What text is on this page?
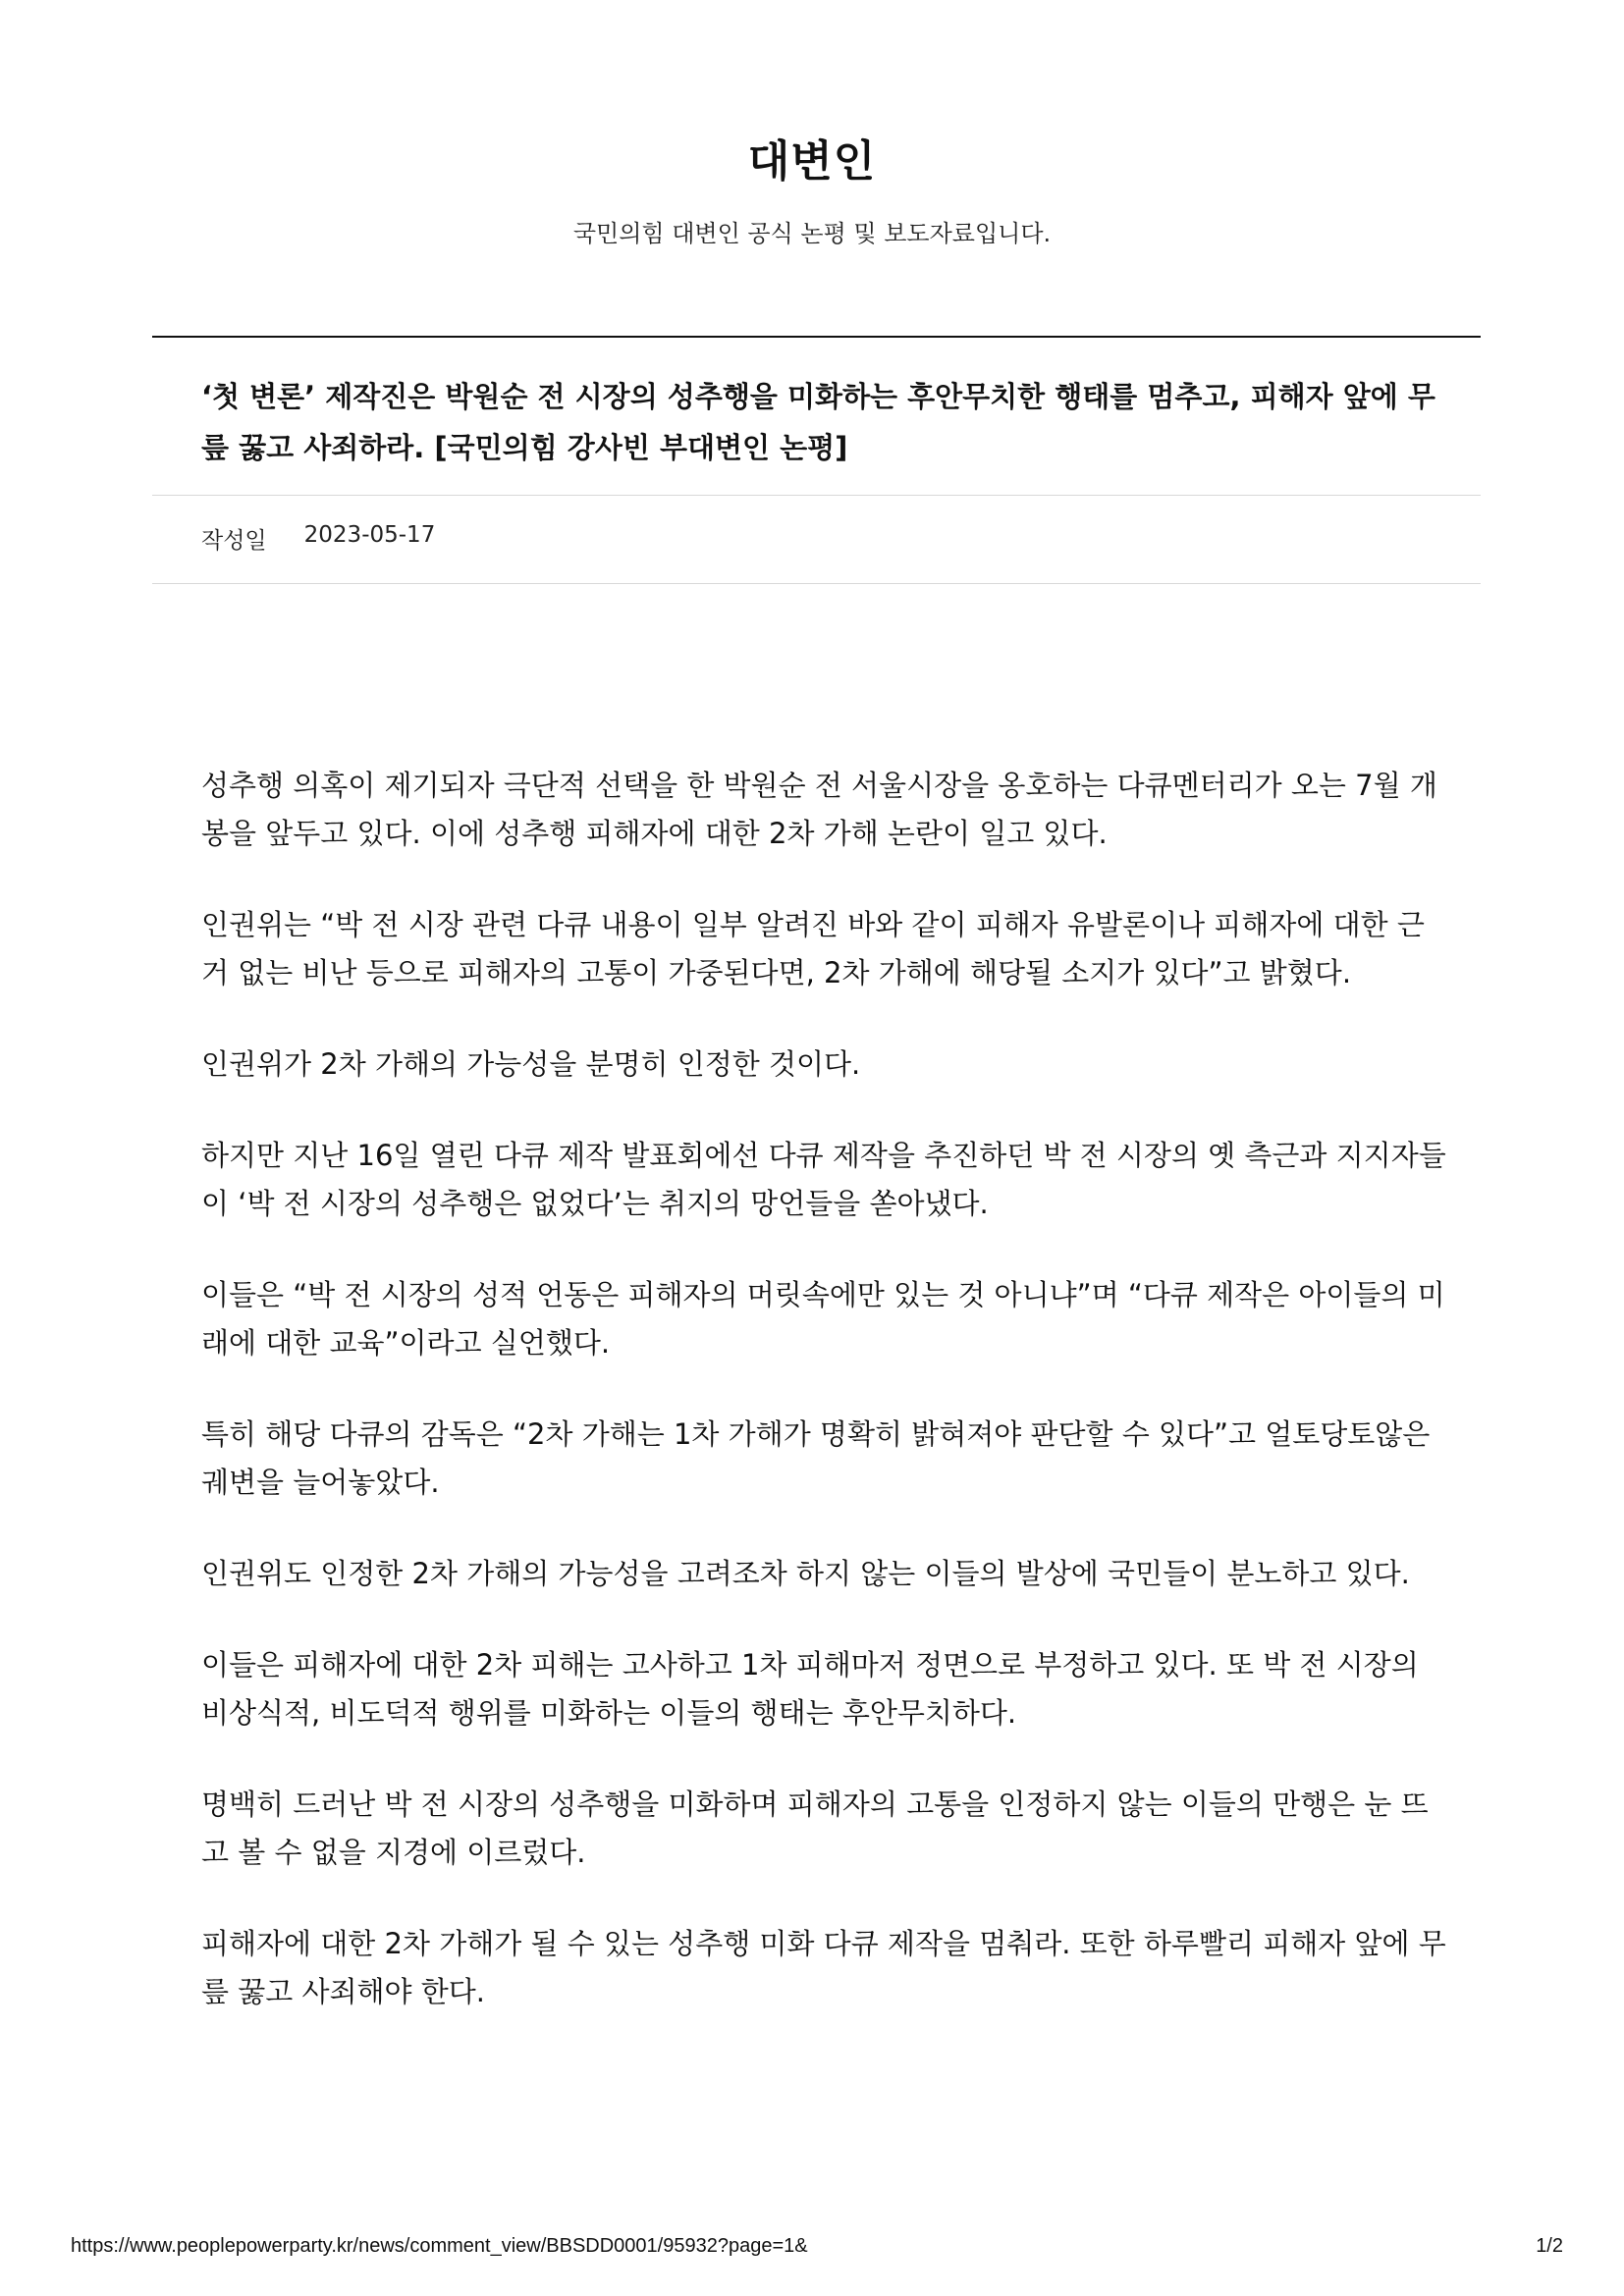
대변인
국민의힘 대변인 공식 논평 및 보도자료입니다.
‘첫 변론’ 제작진은 박원순 전 시장의 성추행을 미화하는 후안무치한 행태를 멈추고, 피해자 앞에 무릎 꿇고 사죄하라. [국민의힘 강사빈 부대변인 논평]
작성일 2023-05-17

성추행 의혹이 제기되자 극단적 선택을 한 박원순 전 서울시장을 옹호하는 다큐멘터리가 오는 7월 개봉을 앞두고 있다. 이에 성추행 피해자에 대한 2차 가해 논란이 일고 있다.

인권위는 “박 전 시장 관련 다큐 내용이 일부 알려진 바와 같이 피해자 유발론이나 피해자에 대한 근거 없는 비난 등으로 피해자의 고통이 가중된다면, 2차 가해에 해당될 소지가 있다”고 밝혔다.

인권위가 2차 가해의 가능성을 분명히 인정한 것이다.

하지만 지난 16일 열린 다큐 제작 발표회에선 다큐 제작을 추진하던 박 전 시장의 옛 측근과 지지자들이 ‘박 전 시장의 성추행은 없었다’는 취지의 망언들을 쏟아냈다.

이들은 “박 전 시장의 성적 언동은 피해자의 머릿속에만 있는 것 아니냐”며 “다큐 제작은 아이들의 미래에 대한 교육”이라고 실언했다.

특히 해당 다큐의 감독은 “2차 가해는 1차 가해가 명확히 밝혀져야 판단할 수 있다”고 얼토당토않은 궤변을 늘어놓았다.

인권위도 인정한 2차 가해의 가능성을 고려조차 하지 않는 이들의 발상에 국민들이 분노하고 있다.

이들은 피해자에 대한 2차 피해는 고사하고 1차 피해마저 정면으로 부정하고 있다. 또 박 전 시장의 비상식적, 비도덕적 행위를 미화하는 이들의 행태는 후안무치하다.

명백히 드러난 박 전 시장의 성추행을 미화하며 피해자의 고통을 인정하지 않는 이들의 만행은 눈 뜨고 볼 수 없을 지경에 이르렀다.

피해자에 대한 2차 가해가 될 수 있는 성추행 미화 다큐 제작을 멈춰라. 또한 하루빨리 피해자 앞에 무릎 꿇고 사죄해야 한다.

https://www.peoplepowerparty.kr/news/comment_view/BBSDD0001/95932?page=1&	1/2
